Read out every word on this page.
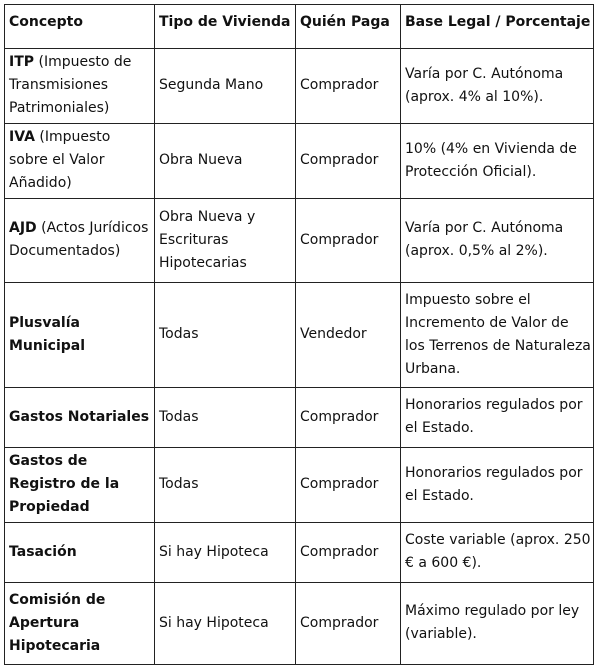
Concepto	Tipo de Vivienda	Quién Paga	Base Legal / Porcentaje
ITP (Impuesto de Transmisiones Patrimoniales)	Segunda Mano	Comprador	Varía por C. Autónoma (aprox. 4% al 10%).
IVA (Impuesto sobre el Valor Añadido)	Obra Nueva	Comprador	10% (4% en Vivienda de Protección Oficial).
AJD (Actos Jurídicos Documentados)	Obra Nueva y Escrituras Hipotecarias	Comprador	Varía por C. Autónoma (aprox. 0,5% al 2%).
Plusvalía Municipal	Todas	Vendedor	Impuesto sobre el Incremento de Valor de los Terrenos de Naturaleza Urbana.
Gastos Notariales	Todas	Comprador	Honorarios regulados por el Estado.
Gastos de Registro de la Propiedad	Todas	Comprador	Honorarios regulados por el Estado.
Tasación	Si hay Hipoteca	Comprador	Coste variable (aprox. 250 € a 600 €).
Comisión de Apertura Hipotecaria	Si hay Hipoteca	Comprador	Máximo regulado por ley (variable).
